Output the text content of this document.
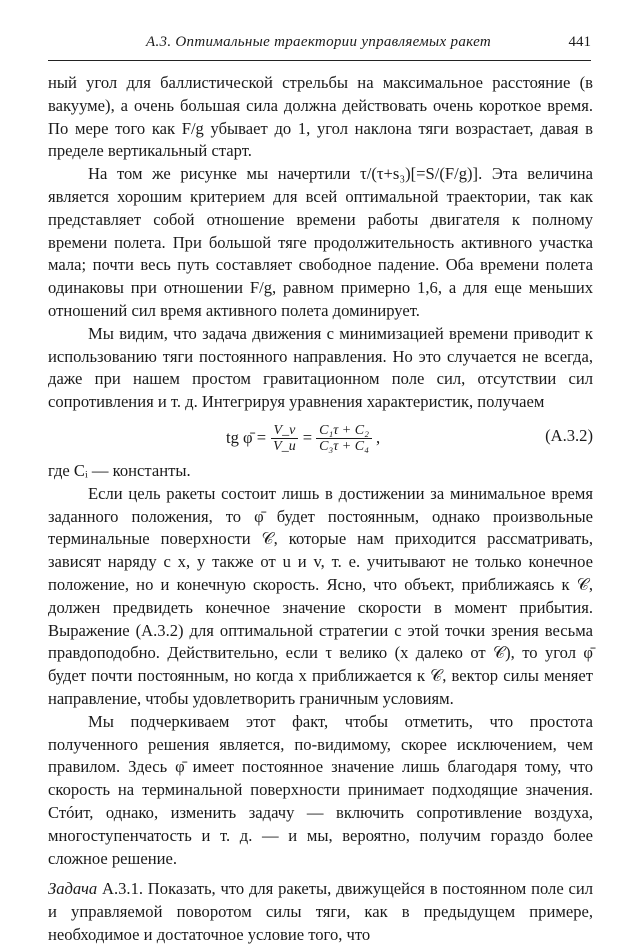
А.3. Оптимальные траектории управляемых ракет	441

ный угол для баллистической стрельбы на максимальное расстояние (в вакууме), а очень большая сила должна действовать очень короткое время. По мере того как F/g убывает до 1, угол наклона тяги возрастает, давая в пределе вертикальный старт.

На том же рисунке мы начертили τ/(τ+s₃)[=S/(F/g)]. Эта величина является хорошим критерием для всей оптимальной траектории, так как представляет собой отношение времени работы двигателя к полному времени полета. При большой тяге продолжительность активного участка мала; почти весь путь составляет свободное падение. Оба времени полета одинаковы при отношении F/g, равном примерно 1,6, а для еще меньших отношений сил время активного полета доминирует.

Мы видим, что задача движения с минимизацией времени приводит к использованию тяги постоянного направления. Но это случается не всегда, даже при нашем простом гравитационном поле сил, отсутствии сил сопротивления и т. д. Интегрируя уравнения характеристик, получаем

tg φ̄ = $\frac{V\_v}{V\_u} = \frac{\text{C₁τ + C₂}}{\text{C₃τ + C₄}}$ ,	(А.3.2)

где Cᵢ — константы.

Если цель ракеты состоит лишь в достижении за минимальное время заданного положения, то φ̄ будет постоянным, однако произвольные терминальные поверхности 𝒞, которые нам приходится рассматривать, зависят наряду с x, y также от u и v, т. е. учитывают не только конечное положение, но и конечную скорость. Ясно, что объект, приближаясь к 𝒞, должен предвидеть конечное значение скорости в момент прибытия. Выражение (А.3.2) для оптимальной стратегии с этой точки зрения весьма правдоподобно. Действительно, если τ велико (x далеко от 𝒞), то угол φ̄ будет почти постоянным, но когда x приближается к 𝒞, вектор силы меняет направление, чтобы удовлетворить граничным условиям.

Мы подчеркиваем этот факт, чтобы отметить, что простота полученного решения является, по-видимому, скорее исключением, чем правилом. Здесь φ̄ имеет постоянное значение лишь благодаря тому, что скорость на терминальной поверхности принимает подходящие значения. Стóит, однако, изменить задачу — включить сопротивление воздуха, многоступенчатость и т. д. — и мы, вероятно, получим гораздо более сложное решение.

Задача А.3.1. Показать, что для ракеты, движущейся в постоянном поле сил и управляемой поворотом силы тяги, как в предыдущем примере, необходимое и достаточное условие того, что
